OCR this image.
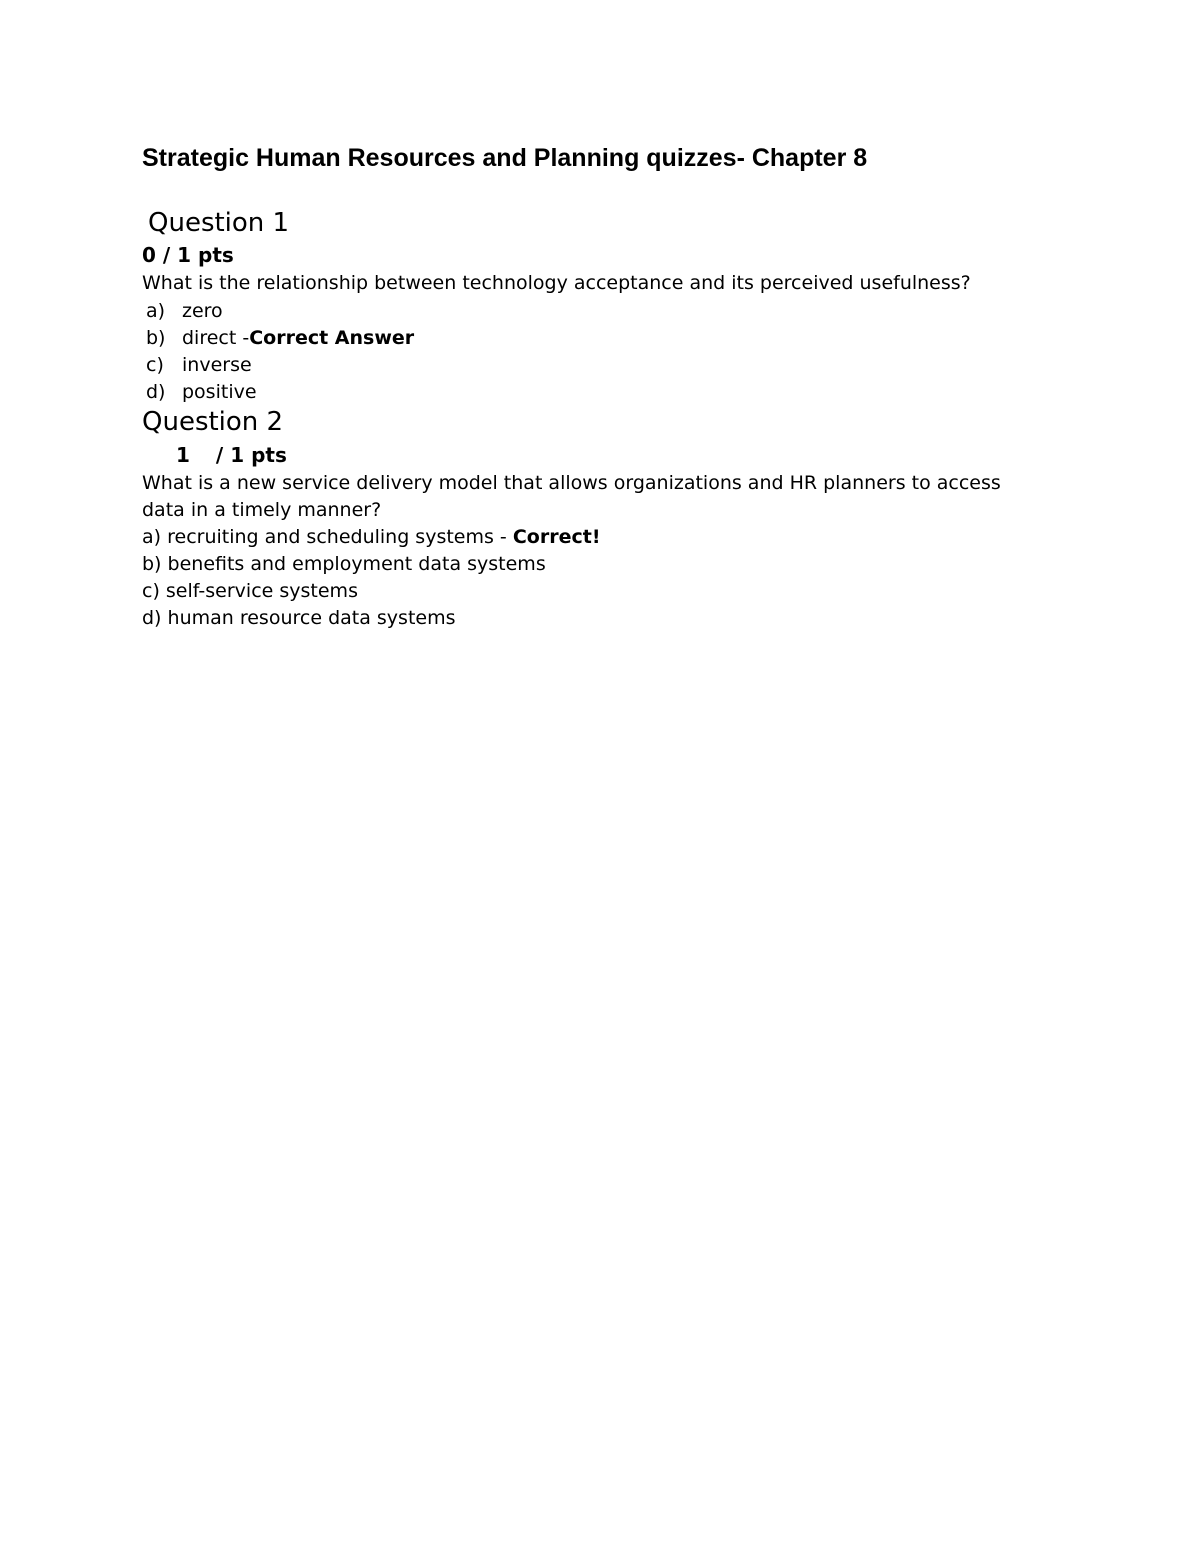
Strategic Human Resources and Planning quizzes- Chapter 8
Question 1
0 / 1 pts

What is the relationship between technology acceptance and its perceived usefulness?

a) zero
b) direct - Correct Answer
c) inverse
d) positive
Question 2
1 / 1 pts

What is a new service delivery model that allows organizations and HR planners to access data in a timely manner?

a) recruiting and scheduling systems - Correct!
b) benefits and employment data systems
c) self-service systems
d) human resource data systems
